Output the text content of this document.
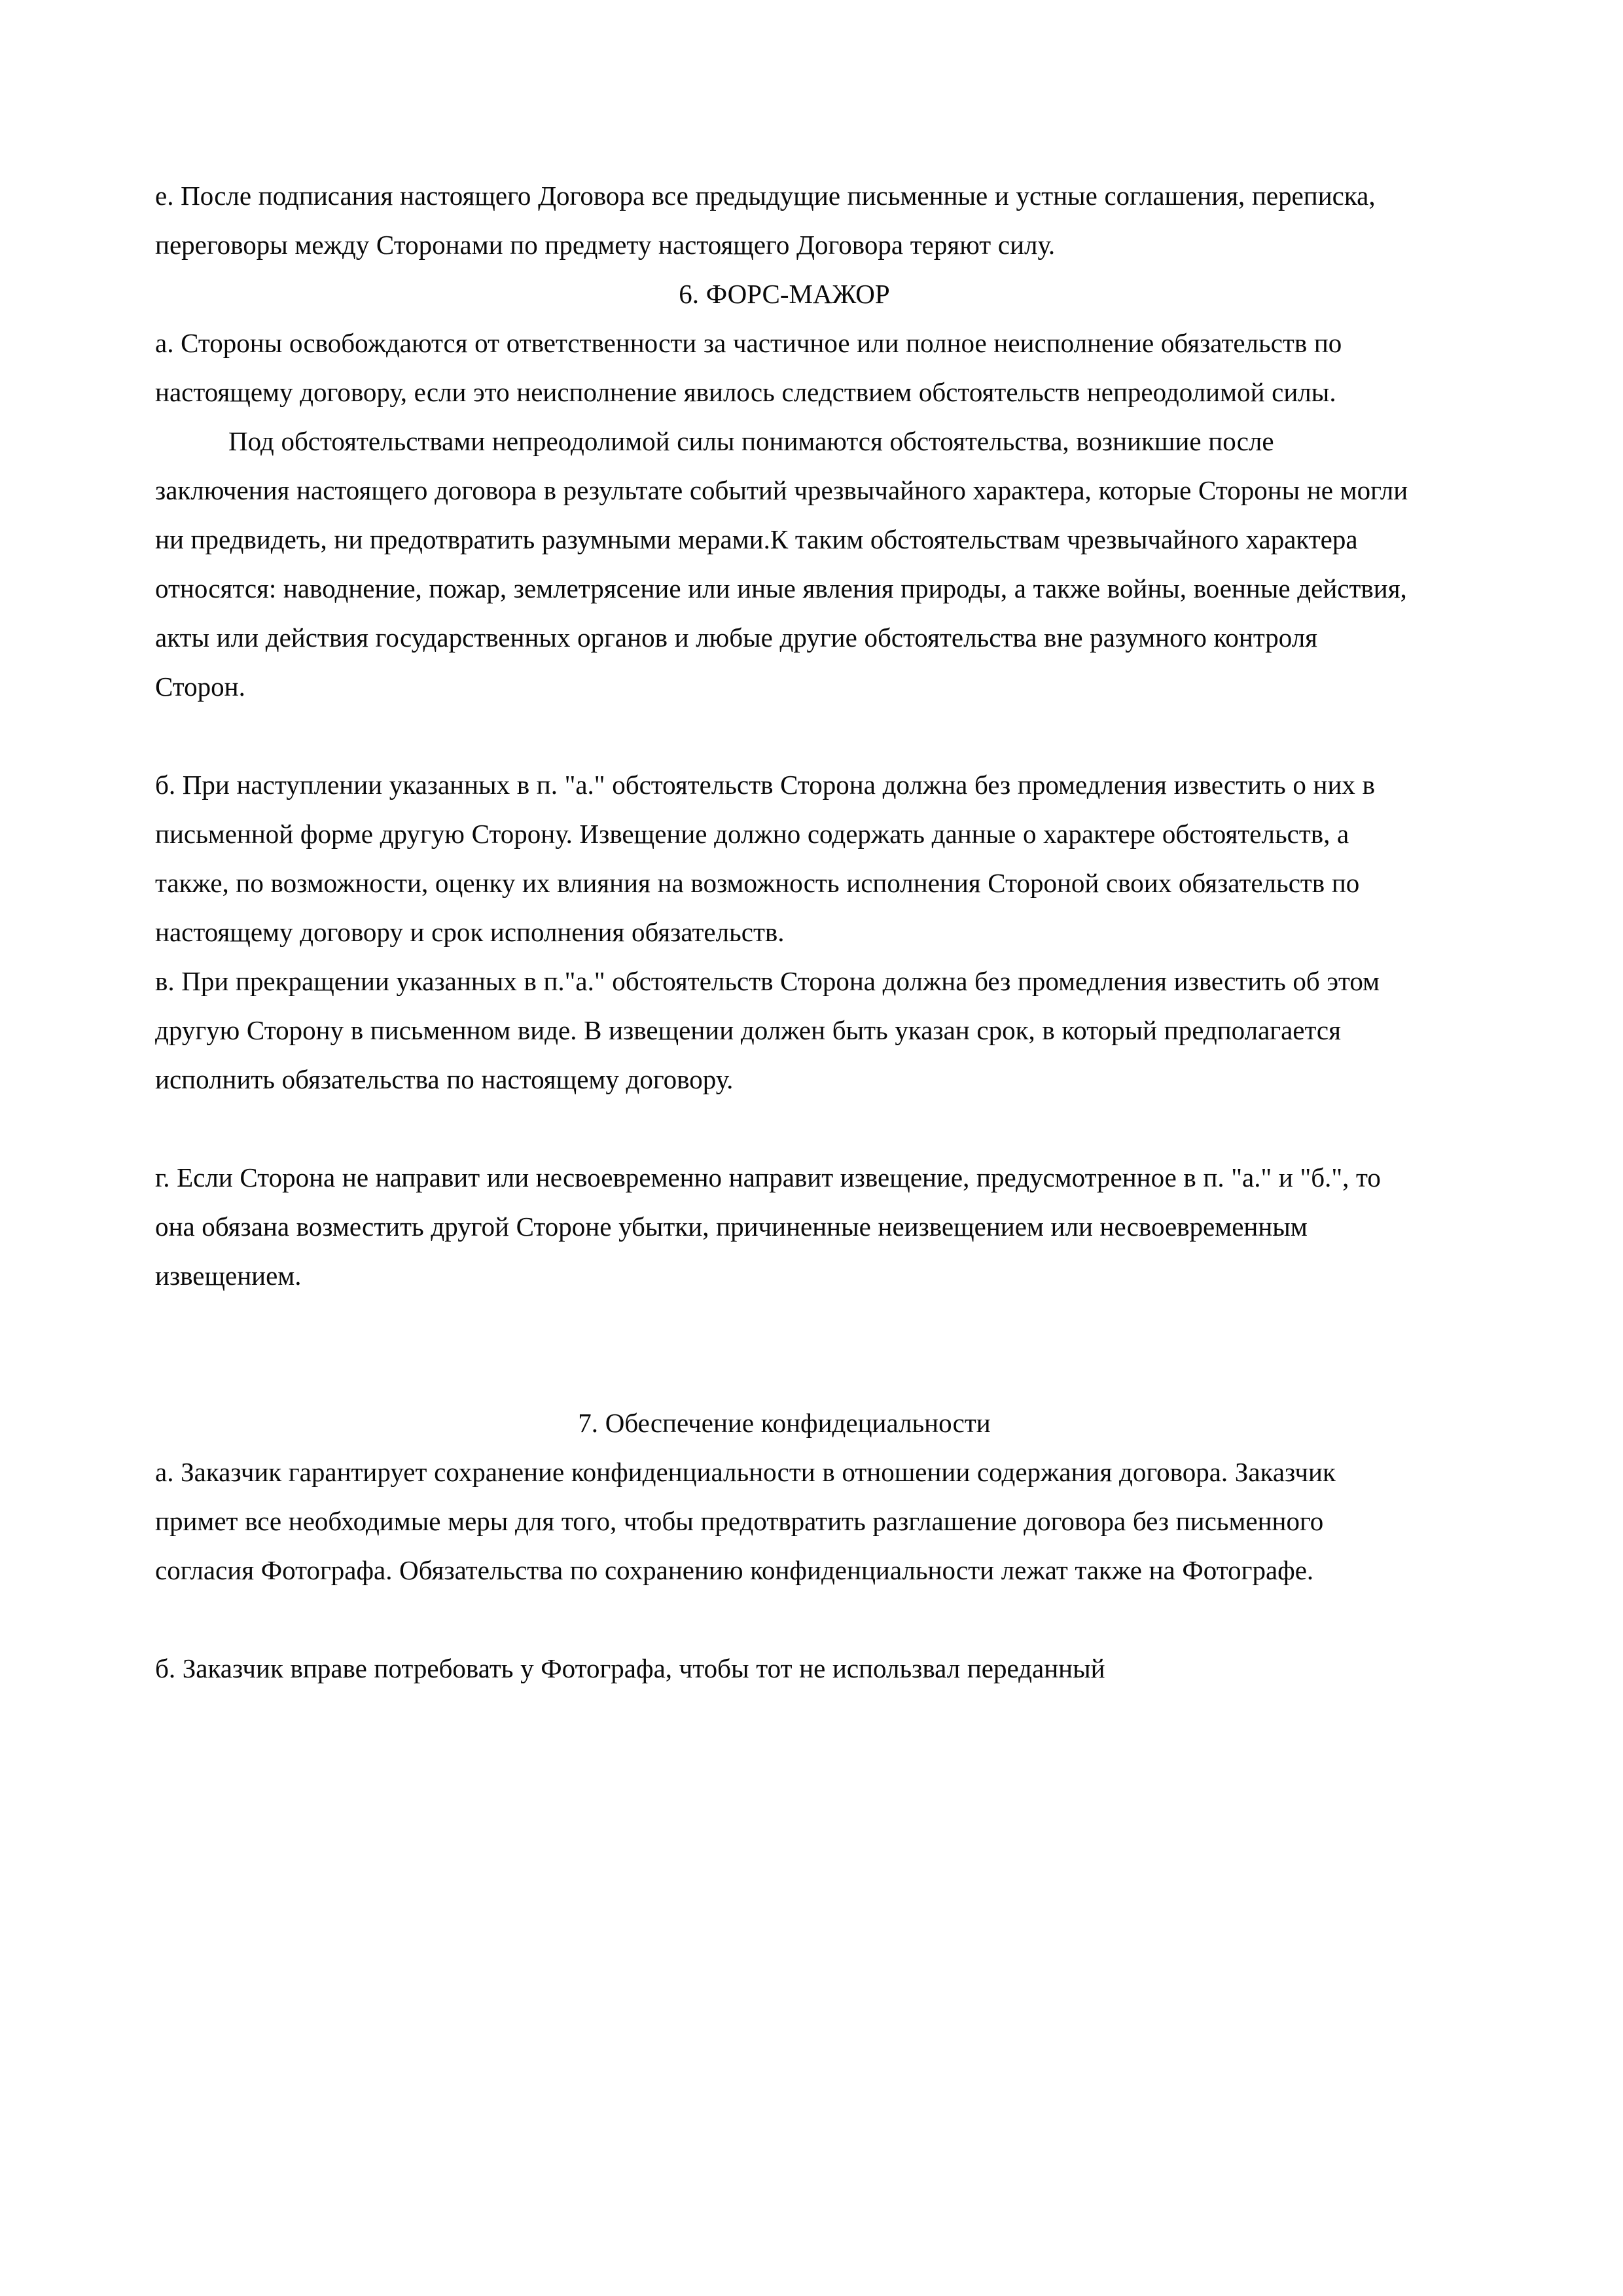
е. После подписания настоящего Договора все предыдущие письменные и устные соглашения, переписка, переговоры между Сторонами по предмету настоящего Договора теряют силу.

6. ФОРС-МАЖОР

а. Стороны освобождаются от ответственности за частичное или полное неисполнение обязательств по настоящему договору, если это неисполнение явилось следствием обстоятельств непреодолимой силы.

Под обстоятельствами непреодолимой силы понимаются обстоятельства, возникшие после заключения настоящего договора в результате событий чрезвычайного характера, которые Стороны не могли ни предвидеть, ни предотвратить разумными мерами.К таким обстоятельствам чрезвычайного характера относятся: наводнение, пожар, землетрясение или иные явления природы, а также войны, военные действия, акты или действия государственных органов и любые другие обстоятельства вне разумного контроля Сторон.

б. При наступлении указанных в п. "а." обстоятельств Сторона должна без промедления известить о них в письменной форме другую Сторону. Извещение должно содержать данные о характере обстоятельств, а также, по возможности, оценку их влияния на возможность исполнения Стороной своих обязательств по настоящему договору и срок исполнения обязательств.

в. При прекращении указанных в п."а." обстоятельств Сторона должна без промедления известить об этом другую Сторону в письменном виде. В извещении должен быть указан срок, в который предполагается исполнить обязательства по настоящему договору.

г. Если Сторона не направит или несвоевременно направит извещение, предусмотренное в п. "а." и "б.", то она обязана возместить другой Стороне убытки, причиненные неизвещением или несвоевременным извещением.

7. Обеспечение конфидециальности

а. Заказчик гарантирует сохранение конфиденциальности в отношении содержания договора. Заказчик примет все необходимые меры для того, чтобы предотвратить разглашение договора без письменного согласия Фотографа. Обязательства по сохранению конфиденциальности лежат также на Фотографе.

б. Заказчик вправе потребовать у Фотографа, чтобы тот не использвал переданный
